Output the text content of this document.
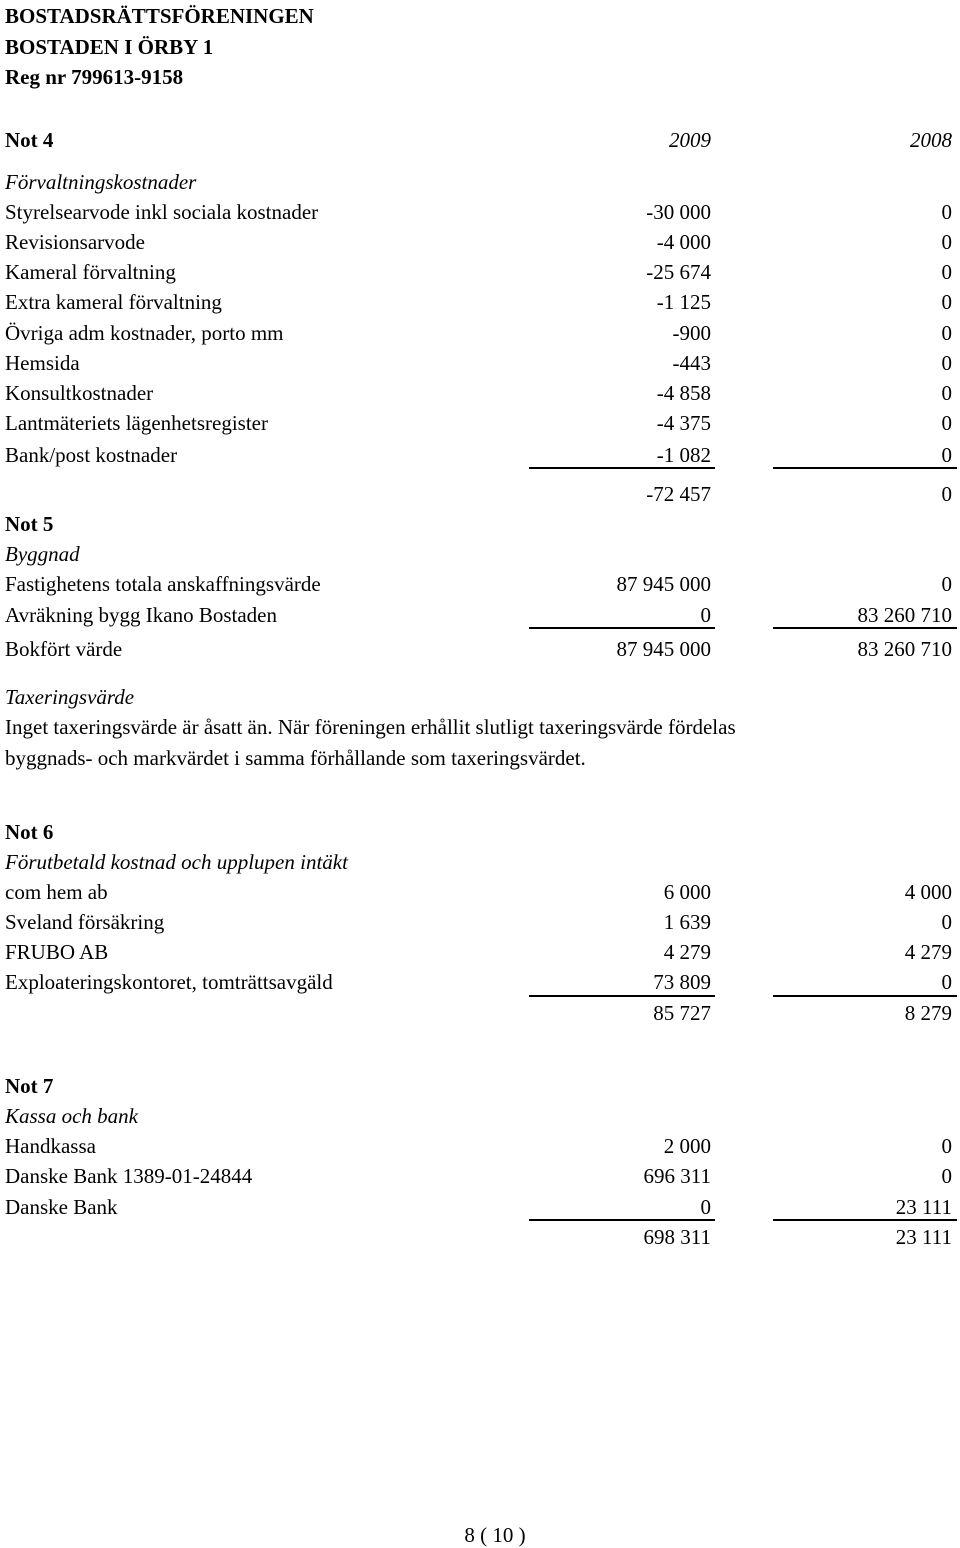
BOSTADSRÄTTSFÖRENINGEN
BOSTADEN I ÖRBY 1
Reg nr 799613-9158
Not 4	2009	2008
Förvaltningskostnader
Styrelsearvode inkl sociala kostnader	-30 000	0
Revisionsarvode	-4 000	0
Kameral förvaltning	-25 674	0
Extra kameral förvaltning	-1 125	0
Övriga adm kostnader, porto mm	-900	0
Hemsida	-443	0
Konsultkostnader	-4 858	0
Lantmäteriets lägenhetsregister	-4 375	0
Bank/post kostnader	-1 082	0
-72 457	0
Not 5
Byggnad
Fastighetens totala anskaffningsvärde	87 945 000	0
Avräkning bygg Ikano Bostaden	0	83 260 710
Bokfört värde	87 945 000	83 260 710
Taxeringsvärde
Inget taxeringsvärde är åsatt än. När föreningen erhållit slutligt taxeringsvärde fördelas
byggnads- och markvärdet i samma förhållande som taxeringsvärdet.
Not 6
Förutbetald kostnad och upplupen intäkt
com hem ab	6 000	4 000
Sveland försäkring	1 639	0
FRUBO AB	4 279	4 279
Exploateringskontoret, tomträttsavgäld	73 809	0
85 727	8 279
Not 7
Kassa och bank
Handkassa	2 000	0
Danske Bank 1389-01-24844	696 311	0
Danske Bank	0	23 111
698 311	23 111
8 ( 10 )
